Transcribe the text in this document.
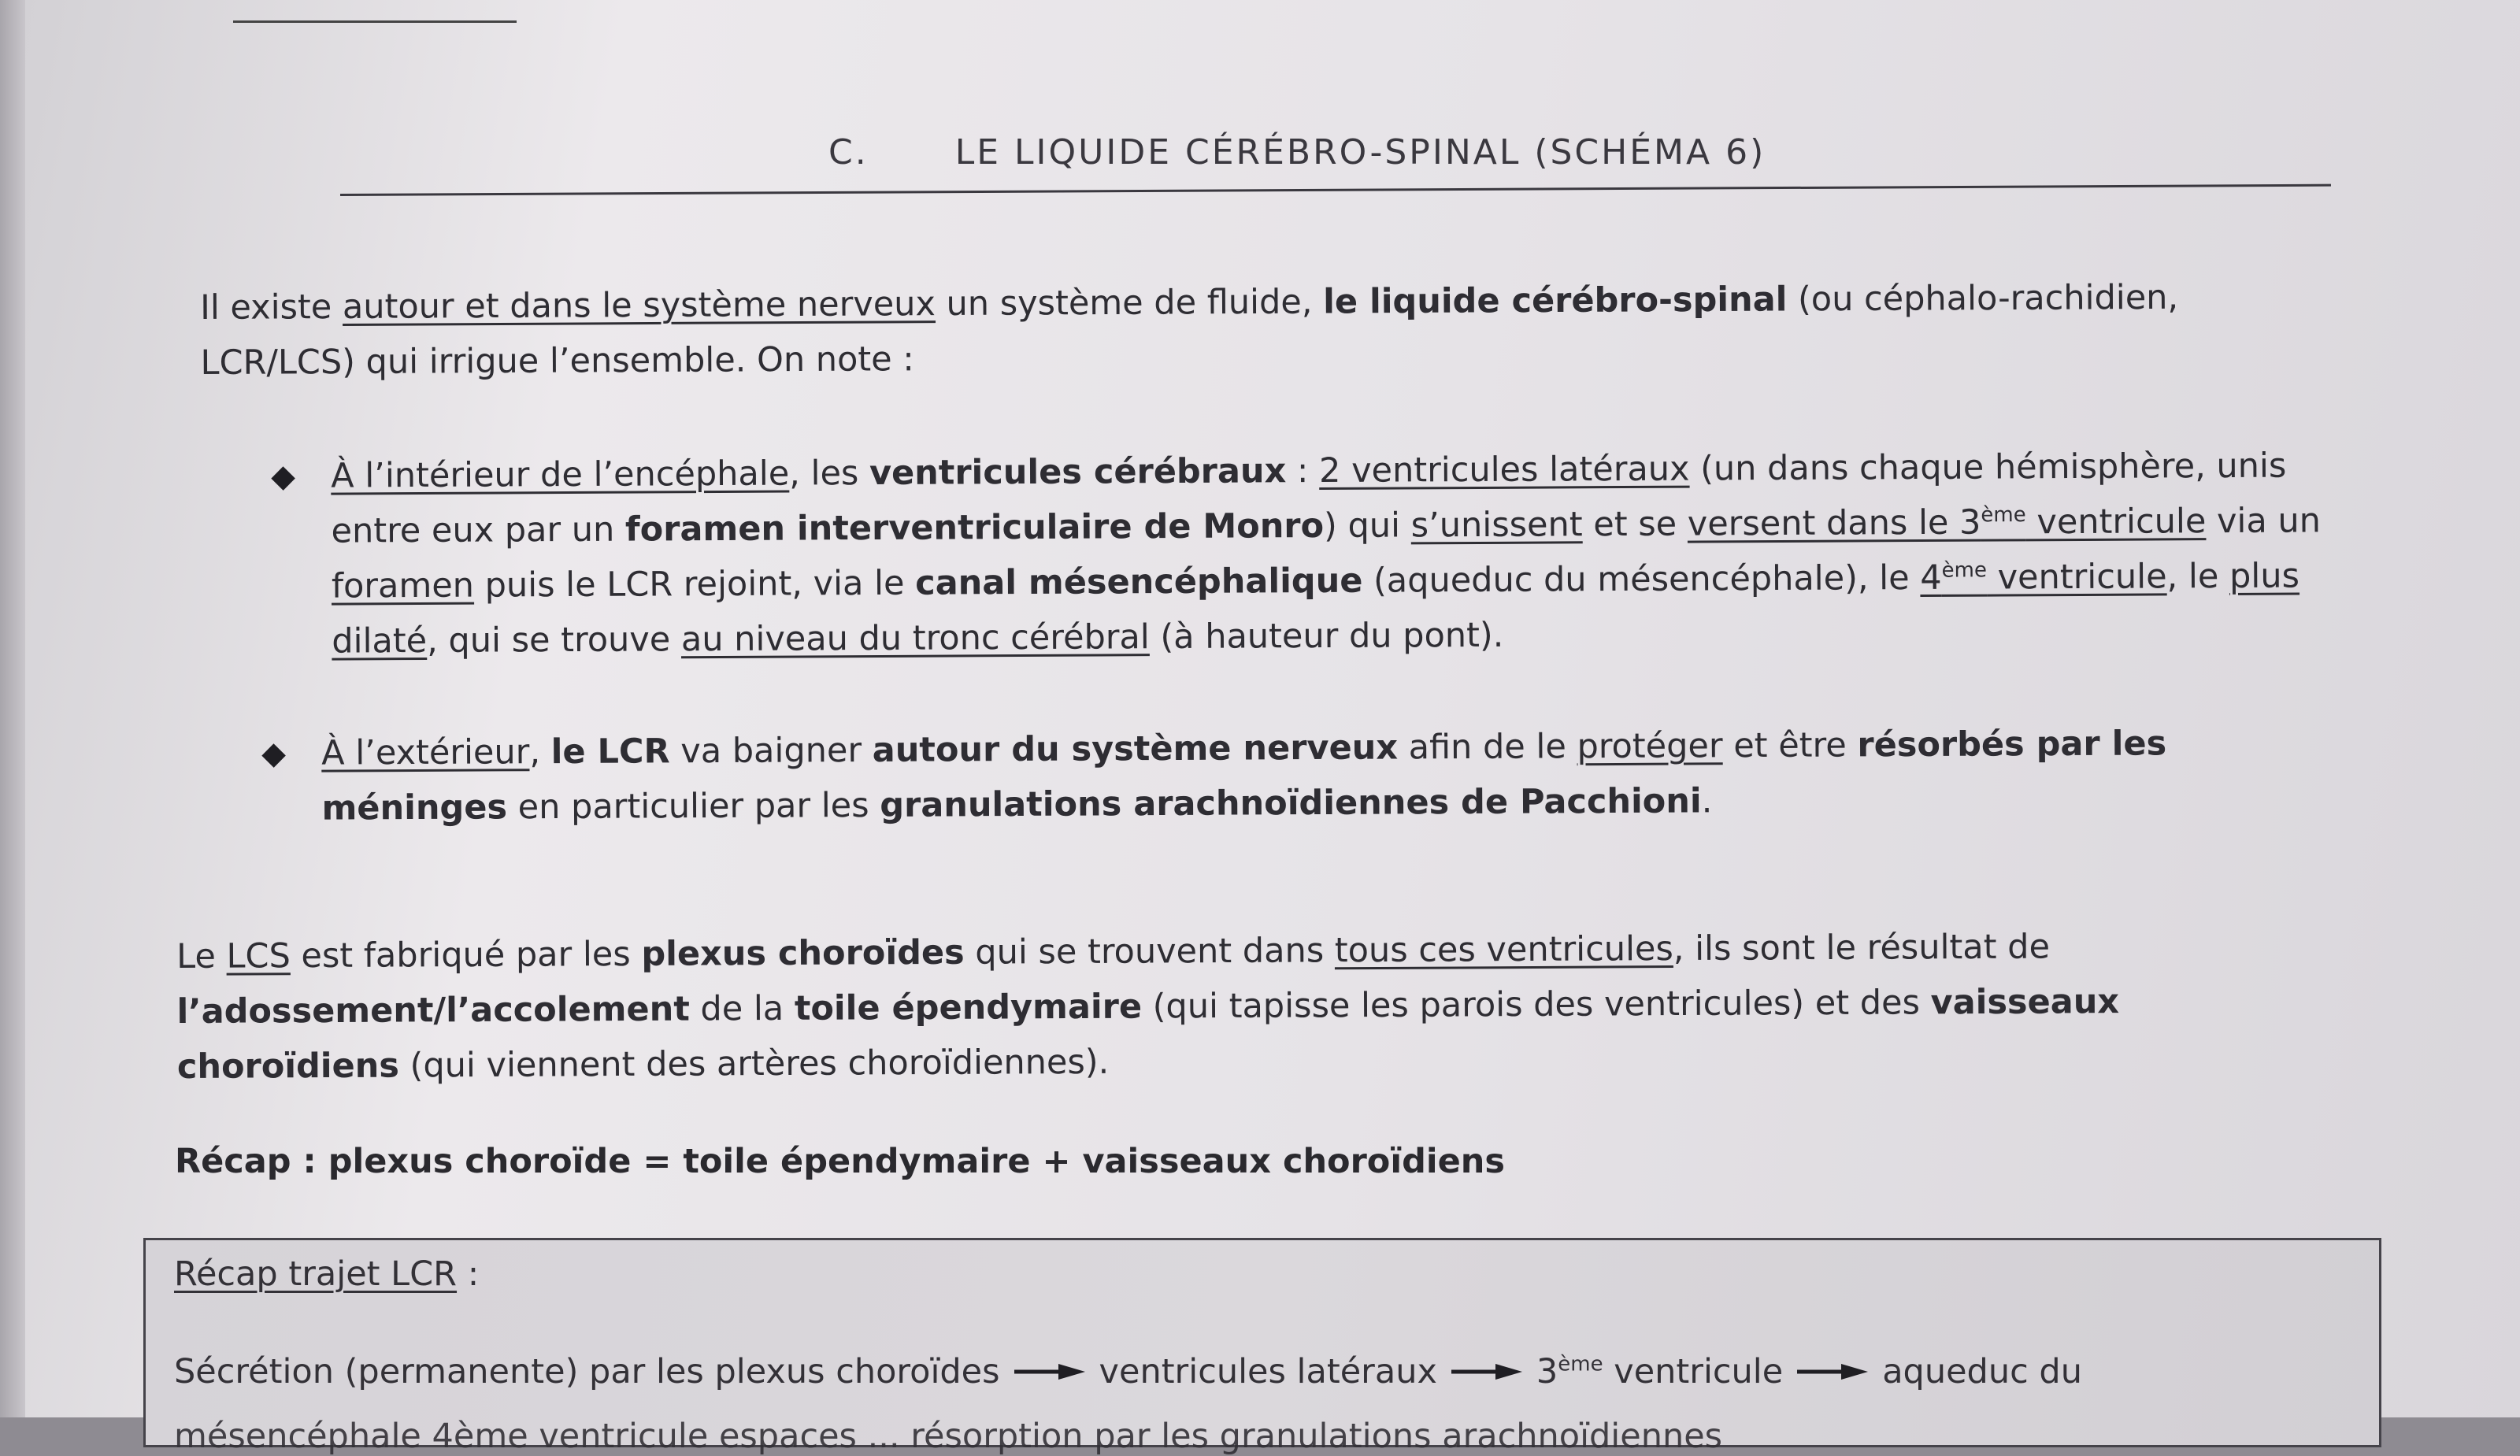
C.	LE LIQUIDE CÉRÉBRO-SPINAL (SCHÉMA 6)
Il existe autour et dans le système nerveux un système de fluide, le liquide cérébro-spinal (ou céphalo-rachidien, LCR/LCS) qui irrigue l’ensemble. On note :
◆ À l’intérieur de l’encéphale, les ventricules cérébraux : 2 ventricules latéraux (un dans chaque hémisphère, unis entre eux par un foramen interventriculaire de Monro) qui s’unissent et se versent dans le 3ème ventricule via un foramen puis le LCR rejoint, via le canal mésencéphalique (aqueduc du mésencéphale), le 4ème ventricule, le plus dilaté, qui se trouve au niveau du tronc cérébral (à hauteur du pont).
◆ À l’extérieur, le LCR va baigner autour du système nerveux afin de le protéger et être résorbés par les méninges en particulier par les granulations arachnoïdiennes de Pacchioni.
Le LCS est fabriqué par les plexus choroïdes qui se trouvent dans tous ces ventricules, ils sont le résultat de l’adossement/l’accolement de la toile épendymaire (qui tapisse les parois des ventricules) et des vaisseaux choroïdiens (qui viennent des artères choroïdiennes).
Récap : plexus choroïde = toile épendymaire + vaisseaux choroïdiens
Récap trajet LCR :
Sécrétion (permanente) par les plexus choroïdes	ventricules latéraux	3ème ventricule	aqueduc du
mésencéphale 4ème ventricule espaces ... résorption par les granulations arachnoïdiennes
